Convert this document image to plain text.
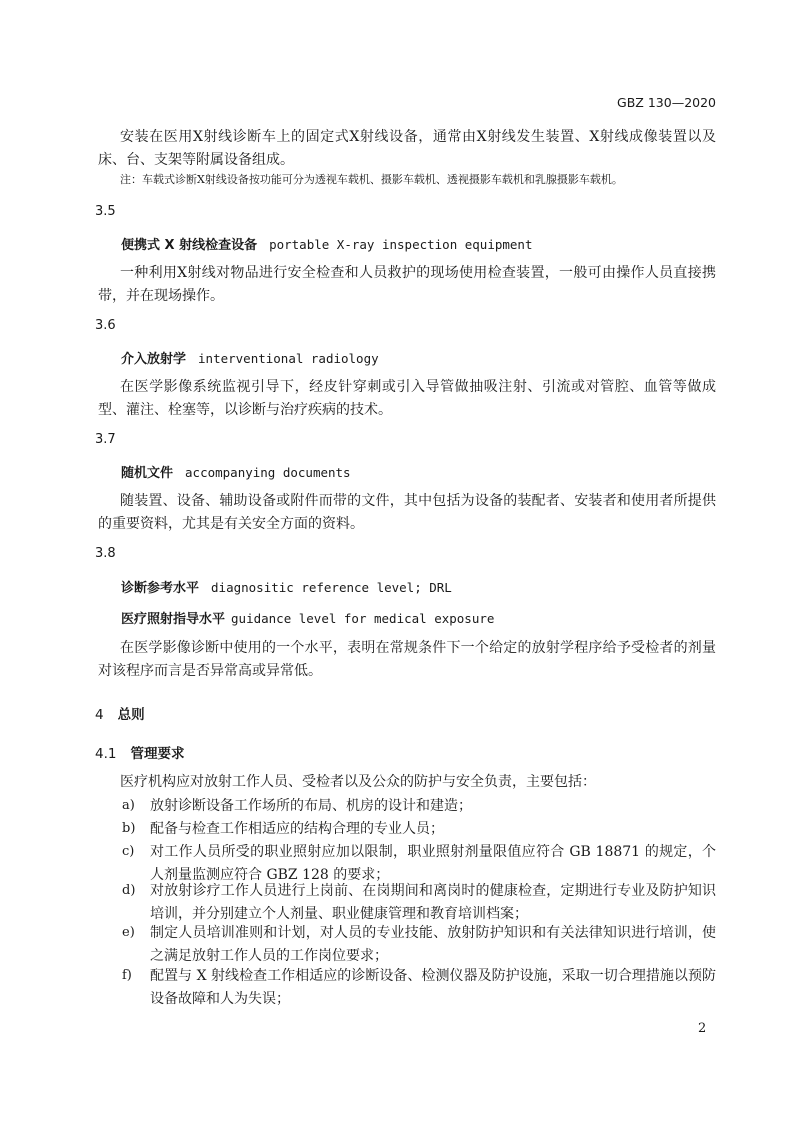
GBZ 130—2020
安装在医用X射线诊断车上的固定式X射线设备，通常由X射线发生装置、X射线成像装置以及床、台、支架等附属设备组成。
注：车载式诊断X射线设备按功能可分为透视车载机、摄影车载机、透视摄影车载机和乳腺摄影车载机。
3.5
便携式 X 射线检查设备 portable X-ray inspection equipment
一种利用X射线对物品进行安全检查和人员救护的现场使用检查装置，一般可由操作人员直接携带，并在现场操作。
3.6
介入放射学 interventional radiology
在医学影像系统监视引导下，经皮针穿刺或引入导管做抽吸注射、引流或对管腔、血管等做成型、灌注、栓塞等，以诊断与治疗疾病的技术。
3.7
随机文件 accompanying documents
随装置、设备、辅助设备或附件而带的文件，其中包括为设备的装配者、安装者和使用者所提供的重要资料，尤其是有关安全方面的资料。
3.8
诊断参考水平 diagnositic reference level; DRL
医疗照射指导水平 guidance level for medical exposure
在医学影像诊断中使用的一个水平，表明在常规条件下一个给定的放射学程序给予受检者的剂量对该程序而言是否异常高或异常低。
4 总则
4.1 管理要求
医疗机构应对放射工作人员、受检者以及公众的防护与安全负责，主要包括：
a) 放射诊断设备工作场所的布局、机房的设计和建造；
b) 配备与检查工作相适应的结构合理的专业人员；
c) 对工作人员所受的职业照射应加以限制，职业照射剂量限值应符合 GB 18871 的规定，个人剂量监测应符合 GBZ 128 的要求；
d) 对放射诊疗工作人员进行上岗前、在岗期间和离岗时的健康检查，定期进行专业及防护知识培训，并分别建立个人剂量、职业健康管理和教育培训档案；
e) 制定人员培训准则和计划，对人员的专业技能、放射防护知识和有关法律知识进行培训，使之满足放射工作人员的工作岗位要求；
f) 配置与 X 射线检查工作相适应的诊断设备、检测仪器及防护设施，采取一切合理措施以预防设备故障和人为失误；
2
